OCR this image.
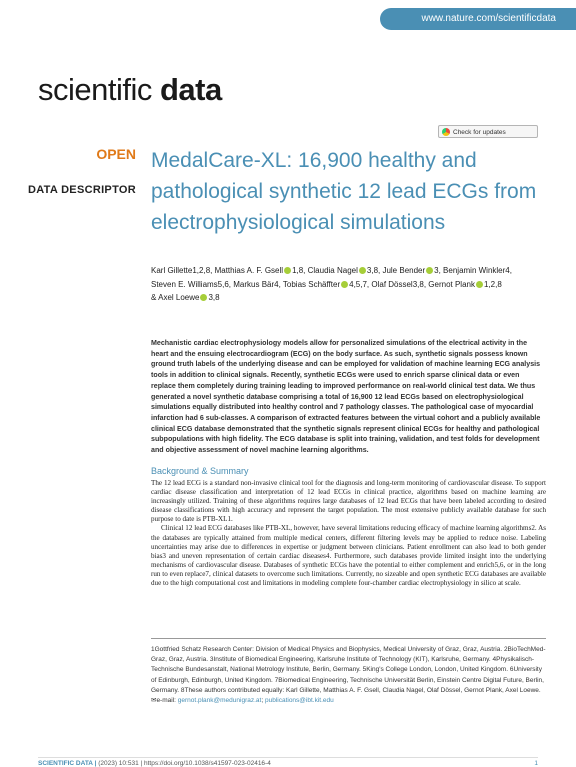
www.nature.com/scientificdata
scientific data
Check for updates
OPEN
DATA DESCRIPTOR
MedalCare-XL: 16,900 healthy and pathological synthetic 12 lead ECGs from electrophysiological simulations
Karl Gillette1,2,8, Matthias A. F. Gsell 1,8, Claudia Nagel 3,8, Jule Bender 3, Benjamin Winkler4,
Steven E. Williams5,6, Markus Bär4, Tobias Schäffter 4,5,7, Olaf Dössel3,8, Gernot Plank 1,2,8
& Axel Loewe 3,8
Mechanistic cardiac electrophysiology models allow for personalized simulations of the electrical activity in the heart and the ensuing electrocardiogram (ECG) on the body surface. As such, synthetic signals possess known ground truth labels of the underlying disease and can be employed for validation of machine learning ECG analysis tools in addition to clinical signals. Recently, synthetic ECGs were used to enrich sparse clinical data or even replace them completely during training leading to improved performance on real-world clinical test data. We thus generated a novel synthetic database comprising a total of 16,900 12 lead ECGs based on electrophysiological simulations equally distributed into healthy control and 7 pathology classes. The pathological case of myocardial infarction had 6 sub-classes. A comparison of extracted features between the virtual cohort and a publicly available clinical ECG database demonstrated that the synthetic signals represent clinical ECGs for healthy and pathological subpopulations with high fidelity. The ECG database is split into training, validation, and test folds for development and objective assessment of novel machine learning algorithms.
Background & Summary

The 12 lead ECG is a standard non-invasive clinical tool for the diagnosis and long-term monitoring of cardiovascular disease. To support cardiac disease classification and interpretation of 12 lead ECGs in clinical practice, algorithms based on machine learning are increasingly utilized. Training of these algorithms requires large databases of 12 lead ECGs that have been labeled according to desired disease classifications with high accuracy and represent the target population. The most extensive publicly available database for such purpose to date is PTB-XL1.

Clinical 12 lead ECG databases like PTB-XL, however, have several limitations reducing efficacy of machine learning algorithms2. As the databases are typically attained from multiple medical centers, different filtering levels may be applied to reduce noise. Labeling uncertainties may arise due to differences in expertise or judgment between clinicians. Patient enrollment can also lead to both gender bias3 and uneven representation of certain cardiac diseases4. Furthermore, such databases provide limited insight into the underlying mechanisms of cardiovascular disease. Databases of synthetic ECGs have the potential to either complement and enrich5,6, or in the long run to even replace7, clinical datasets to overcome such limitations. Currently, no sizeable and open synthetic ECG databases are available due to the high computational cost and limitations in modeling complete four-chamber cardiac electrophysiology in silico at scale.

1Gottfried Schatz Research Center: Division of Medical Physics and Biophysics, Medical University of Graz, Graz, Austria. 2BioTechMed-Graz, Graz, Austria. 3Institute of Biomedical Engineering, Karlsruhe Institute of Technology (KIT), Karlsruhe, Germany. 4Physikalisch-Technische Bundesanstalt, National Metrology Institute, Berlin, Germany. 5King's College London, London, United Kingdom. 6University of Edinburgh, Edinburgh, United Kingdom. 7Biomedical Engineering, Technische Universität Berlin, Einstein Centre Digital Future, Berlin, Germany. 8These authors contributed equally: Karl Gillette, Matthias A. F. Gsell, Claudia Nagel, Olaf Dössel, Gernot Plank, Axel Loewe.
✉e-mail: gernot.plank@medunigraz.at; publications@ibt.kit.edu
SCIENTIFIC DATA | (2023) 10:531 | https://doi.org/10.1038/s41597-023-02416-4	1
